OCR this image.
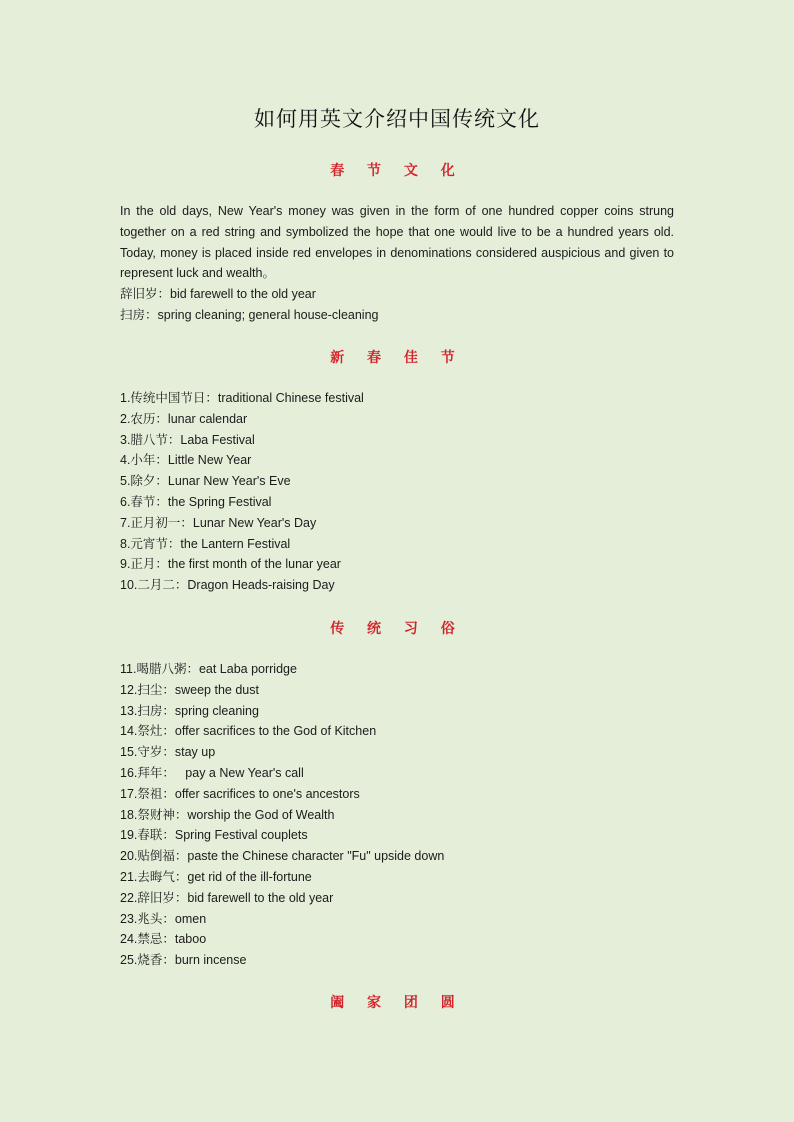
如何用英文介绍中国传统文化
春 节 文 化

In the old days, New Year's money was given in the form of one hundred copper coins strung together on a red string and symbolized the hope that one would live to be a hundred years old. Today, money is placed inside red envelopes in denominations considered auspicious and given to represent luck and wealth。

辞旧岁：bid farewell to the old year

扫房：spring cleaning; general house-cleaning

新 春 佳 节

1.传统中国节日：traditional Chinese festival

2.农历：lunar calendar

3.腊八节：Laba Festival

4.小年：Little New Year

5.除夕：Lunar New Year's Eve

6.春节：the Spring Festival

7.正月初一：Lunar New Year's Day

8.元宵节：the Lantern Festival

9.正月：the first month of the lunar year

10.二月二：Dragon Heads-raising Day

传 统 习 俗

11.喝腊八粥：eat Laba porridge

12.扫尘：sweep the dust

13.扫房：spring cleaning

14.祭灶：offer sacrifices to the God of Kitchen

15.守岁：stay up

16.拜年：   pay a New Year's call

17.祭祖：offer sacrifices to one's ancestors

18.祭财神：worship the God of Wealth

19.春联：Spring Festival couplets

20.贴倒福：paste the Chinese character "Fu" upside down

21.去晦气：get rid of the ill-fortune

22.辞旧岁：bid farewell to the old year

23.兆头：omen

24.禁忌：taboo

25.烧香：burn incense

阖 家 团 圆
